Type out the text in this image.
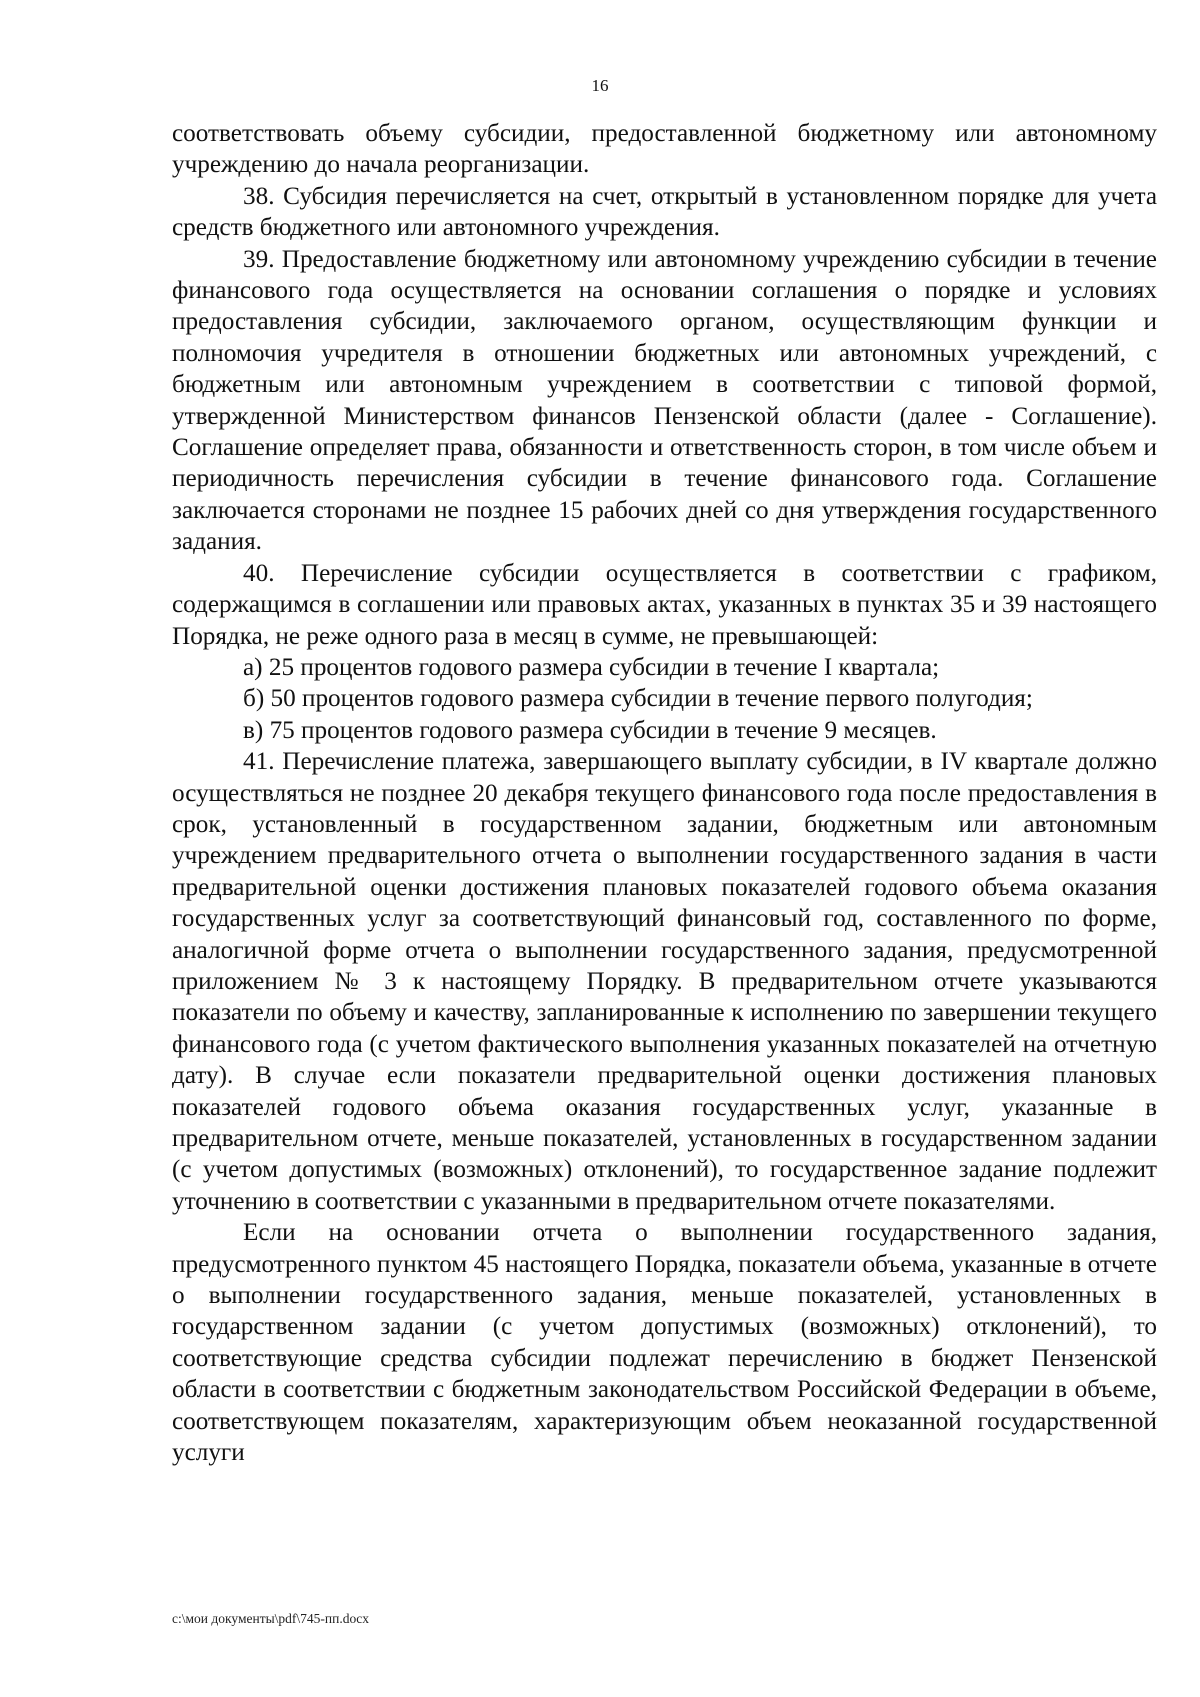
16

соответствовать объему субсидии, предоставленной бюджетному или автономному учреждению до начала реорганизации.

38. Субсидия перечисляется на счет, открытый в установленном порядке для учета средств бюджетного или автономного учреждения.

39. Предоставление бюджетному или автономному учреждению субсидии в течение финансового года осуществляется на основании соглашения о порядке и условиях предоставления субсидии, заключаемого органом, осуществляющим функции и полномочия учредителя в отношении бюджетных или автономных учреждений, с бюджетным или автономным учреждением в соответствии с типовой формой, утвержденной Министерством финансов Пензенской области (далее - Соглашение). Соглашение определяет права, обязанности и ответственность сторон, в том числе объем и периодичность перечисления субсидии в течение финансового года. Соглашение заключается сторонами не позднее 15 рабочих дней со дня утверждения государственного задания.

40. Перечисление субсидии осуществляется в соответствии с графиком, содержащимся в соглашении или правовых актах, указанных в пунктах 35 и 39 настоящего Порядка, не реже одного раза в месяц в сумме, не превышающей:

а) 25 процентов годового размера субсидии в течение I квартала;

б) 50 процентов годового размера субсидии в течение первого полугодия;

в) 75 процентов годового размера субсидии в течение 9 месяцев.

41. Перечисление платежа, завершающего выплату субсидии, в IV квартале должно осуществляться не позднее 20 декабря текущего финансового года после предоставления в срок, установленный в государственном задании, бюджетным или автономным учреждением предварительного отчета о выполнении государственного задания в части предварительной оценки достижения плановых показателей годового объема оказания государственных услуг за соответствующий финансовый год, составленного по форме, аналогичной форме отчета о выполнении государственного задания, предусмотренной приложением № 3 к настоящему Порядку. В предварительном отчете указываются показатели по объему и качеству, запланированные к исполнению по завершении текущего финансового года (с учетом фактического выполнения указанных показателей на отчетную дату). В случае если показатели предварительной оценки достижения плановых показателей годового объема оказания государственных услуг, указанные в предварительном отчете, меньше показателей, установленных в государственном задании (с учетом допустимых (возможных) отклонений), то государственное задание подлежит уточнению в соответствии с указанными в предварительном отчете показателями.

Если на основании отчета о выполнении государственного задания, предусмотренного пунктом 45 настоящего Порядка, показатели объема, указанные в отчете о выполнении государственного задания, меньше показателей, установленных в государственном задании (с учетом допустимых (возможных) отклонений), то соответствующие средства субсидии подлежат перечислению в бюджет Пензенской области в соответствии с бюджетным законодательством Российской Федерации в объеме, соответствующем показателям, характеризующим объем неоказанной государственной услуги

с:\мои документы\pdf\745-пп.docx
